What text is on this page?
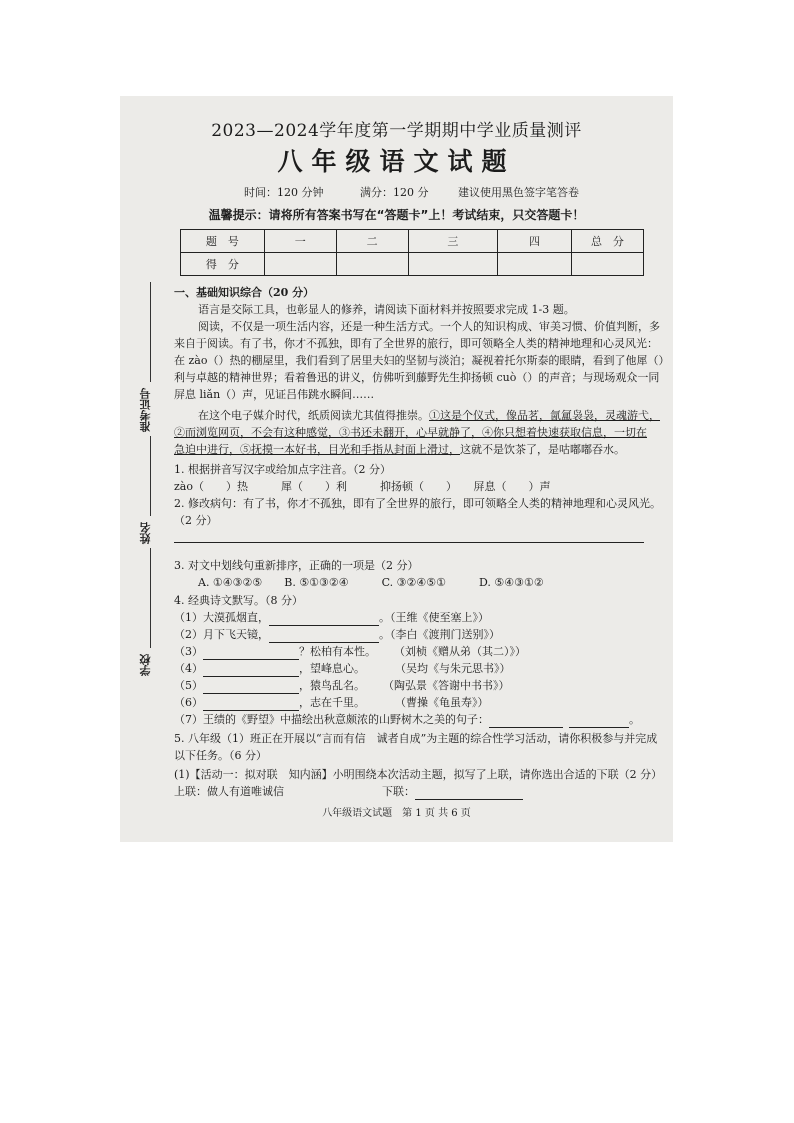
2023—2024学年度第一学期期中学业质量测评
八年级语文试题
时间：120 分钟	满分：120 分	建议使用黑色签字笔答卷
温馨提示：请将所有答案书写在“答题卡”上！考试结束，只交答题卡！
题　号	一	二	三	四	总　分
得　分					
准考证号
姓名
学校
一、基础知识综合（20 分）
语言是交际工具，也彰显人的修养，请阅读下面材料并按照要求完成 1-3 题。
阅读，不仅是一项生活内容，还是一种生活方式。一个人的知识构成、审美习惯、价值判断，多
来自于阅读。有了书，你才不孤独，即有了全世界的旅行，即可领略全人类的精神地理和心灵风光：
在 zào（）热的棚屋里，我们看到了居里夫妇的坚韧与淡泊；凝视着托尔斯泰的眼睛，看到了他犀（）
利与卓越的精神世界；看着鲁迅的讲义，仿佛听到藤野先生抑扬顿 cuò（）的声音；与现场观众一同
屏息 liǎn（）声，见证吕伟跳水瞬间……
在这个电子媒介时代，纸质阅读尤其值得推崇。①这是个仪式，像品茗，氤氲袅袅，灵魂游弋，
②而浏览网页，不会有这种感觉，③书还未翻开，心早就静了，④你只想着快速获取信息，一切在
急迫中进行，⑤抚摸一本好书，目光和手指从封面上滑过，这就不是饮茶了，是咕嘟嘟吞水。
1. 根据拼音写汉字或给加点字注音。（2 分）
zào（　　）热　　　犀（　　）利　　　抑扬顿（　　）　　屏息（　　）声
2. 修改病句：有了书，你才不孤独，即有了全世界的旅行，即可领略全人类的精神地理和心灵风光。
（2 分）
3. 对文中划线句重新排序，正确的一项是（2 分）
A. ①④③②⑤　　B. ⑤①③②④　　　C. ③②④⑤①　　　D. ⑤④③①②
4. 经典诗文默写。（8 分）
（1）大漠孤烟直，	。（王维《使至塞上》）
（2）月下飞天镜，	。（李白《渡荆门送别》）
（3）	？松柏有本性。 （刘桢《赠从弟（其二）》）
（4）	，望峰息心。	（吴均《与朱元思书》）
（5）	，猿鸟乱名。 （陶弘景《答谢中书书》）
（6）	，志在千里。	（曹操《龟虽寿》）
（7）王绩的《野望》中描绘出秋意颇浓的山野树木之美的句子：	。
5. 八年级（1）班正在开展以“言而有信　诚者自成”为主题的综合性学习活动，请你积极参与并完成
以下任务。（6 分）
(1)【活动一：拟对联　知内涵】小明围绕本次活动主题，拟写了上联，请你选出合适的下联（2 分）
上联：做人有道唯诚信	下联：
八年级语文试题　第 1 页 共 6 页
